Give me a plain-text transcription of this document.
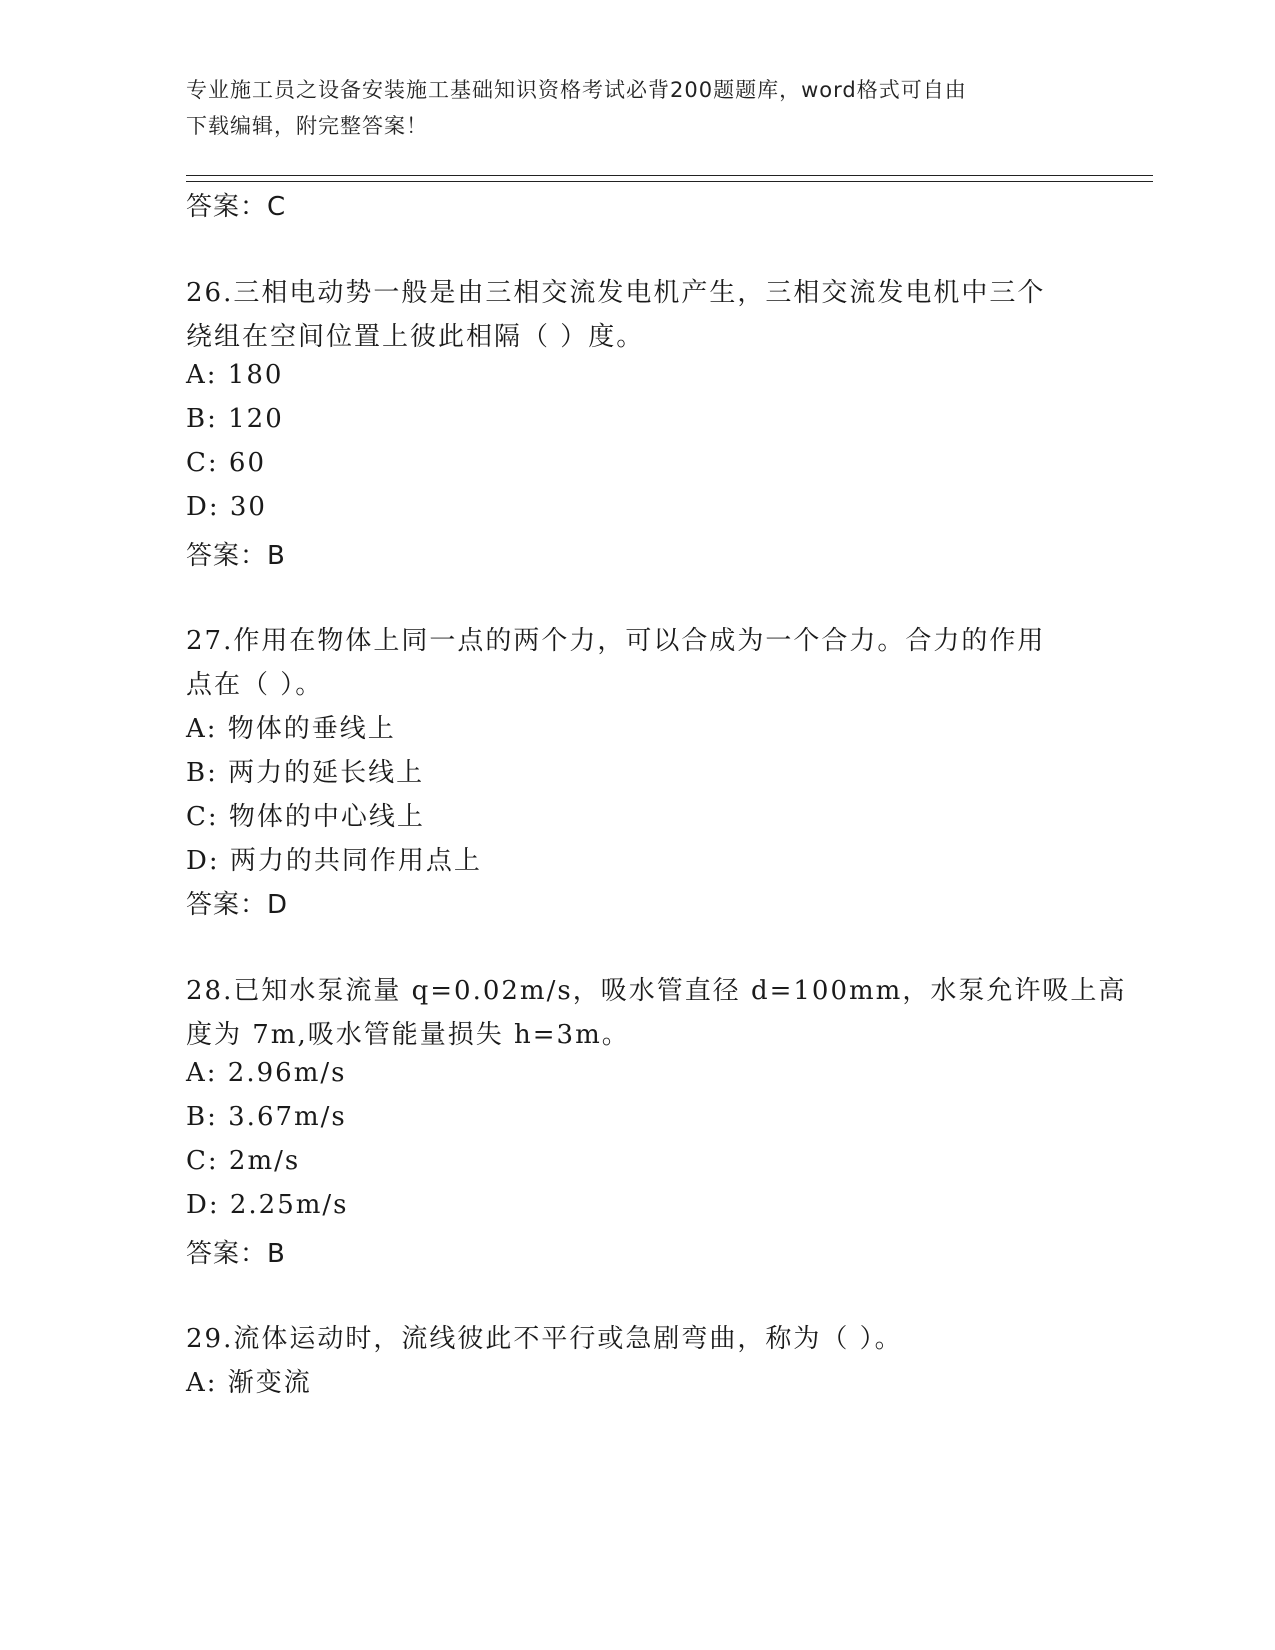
专业施工员之设备安装施工基础知识资格考试必背200题题库，word格式可自由
下载编辑，附完整答案！
答案：C
26.三相电动势一般是由三相交流发电机产生，三相交流发电机中三个
绕组在空间位置上彼此相隔（ ）度。
A: 180
B: 120
C: 60
D: 30
答案：B
27.作用在物体上同一点的两个力，可以合成为一个合力。合力的作用
点在（ ）。
A: 物体的垂线上
B: 两力的延长线上
C: 物体的中心线上
D: 两力的共同作用点上
答案：D
28.已知水泵流量 q=0.02m/s，吸水管直径 d=100mm，水泵允许吸上高
度为 7m,吸水管能量损失 h=3m。
A: 2.96m/s
B: 3.67m/s
C: 2m/s
D: 2.25m/s
答案：B
29.流体运动时，流线彼此不平行或急剧弯曲，称为（ ）。
A: 渐变流
